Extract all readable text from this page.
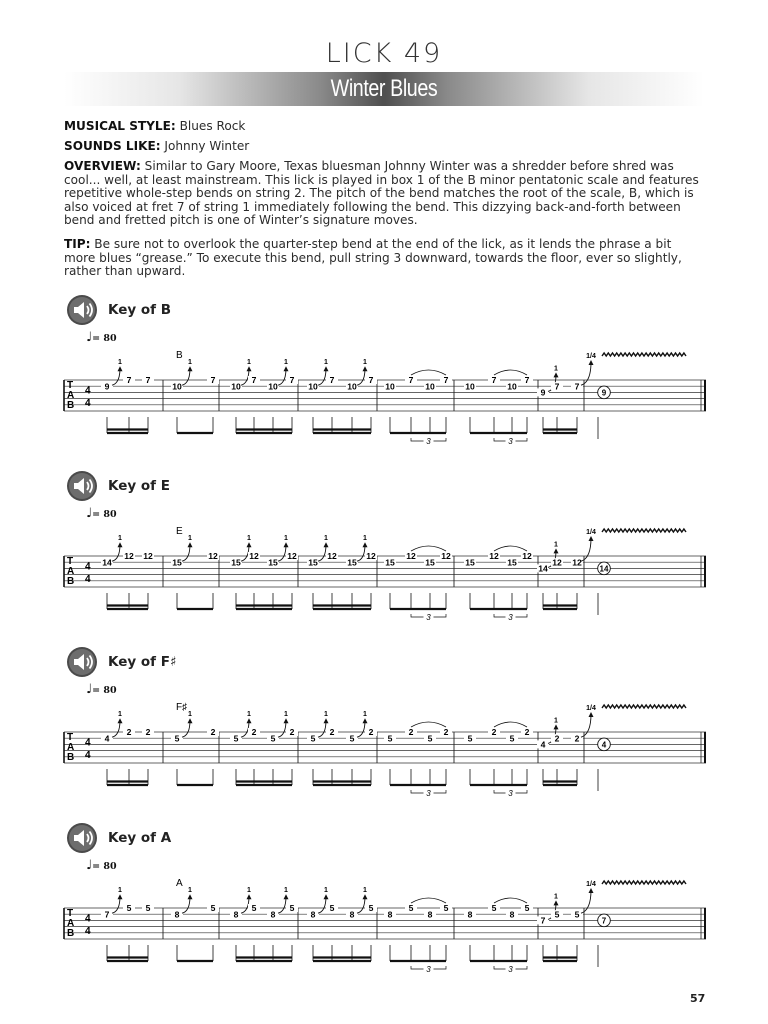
LICK 49
Winter Blues
MUSICAL STYLE: Blues Rock
SOUNDS LIKE: Johnny Winter
OVERVIEW: Similar to Gary Moore, Texas bluesman Johnny Winter was a shredder before shred was cool... well, at least mainstream. This lick is played in box 1 of the B minor pentatonic scale and features repetitive whole-step bends on string 2. The pitch of the bend matches the root of the scale, B, which is also voiced at fret 7 of string 1 immediately following the bend. This dizzying back-and-forth between bend and fretted pitch is one of Winter’s signature moves.
TIP: Be sure not to overlook the quarter-step bend at the end of the lick, as it lends the phrase a bit more blues “grease.” To execute this bend, pull string 3 downward, towards the floor, ever so slightly, rather than upward.
Key of B
♩= 80
B
T
A
B
4
4
9
1
7 7
10
1
7
10
1
7
10
1
7
10
1
7
10
1
7
10
7
10
7
10
7
10
7
9
1
7 7
3	3
1/4
9
Key of E
♩= 80
E
T
A
B
4
4
14
1
12 12
15
1
12
15
1
12
15
1
12
15
1
12
15
1
12
15
12
15
12
15
12
15
12
14
1
12 12
3	3
1/4
14
Key of F♯
♩= 80
F♯
T
A
B
4
4
4
1
2 2
5
1
2
5
1
2
5
1
2
5
1
2
5
1
2
5
2
5
2
5
2
5
2
4
1
2 2
3	3
1/4
4
Key of A
♩= 80
A
T
A
B
4
4
7
1
5 5
8
1
5
8
1
5
8
1
5
8
1
5
8
1
5
8
5
8
5
8
5
8
5
7
1
5 5
3	3
1/4
7
57
